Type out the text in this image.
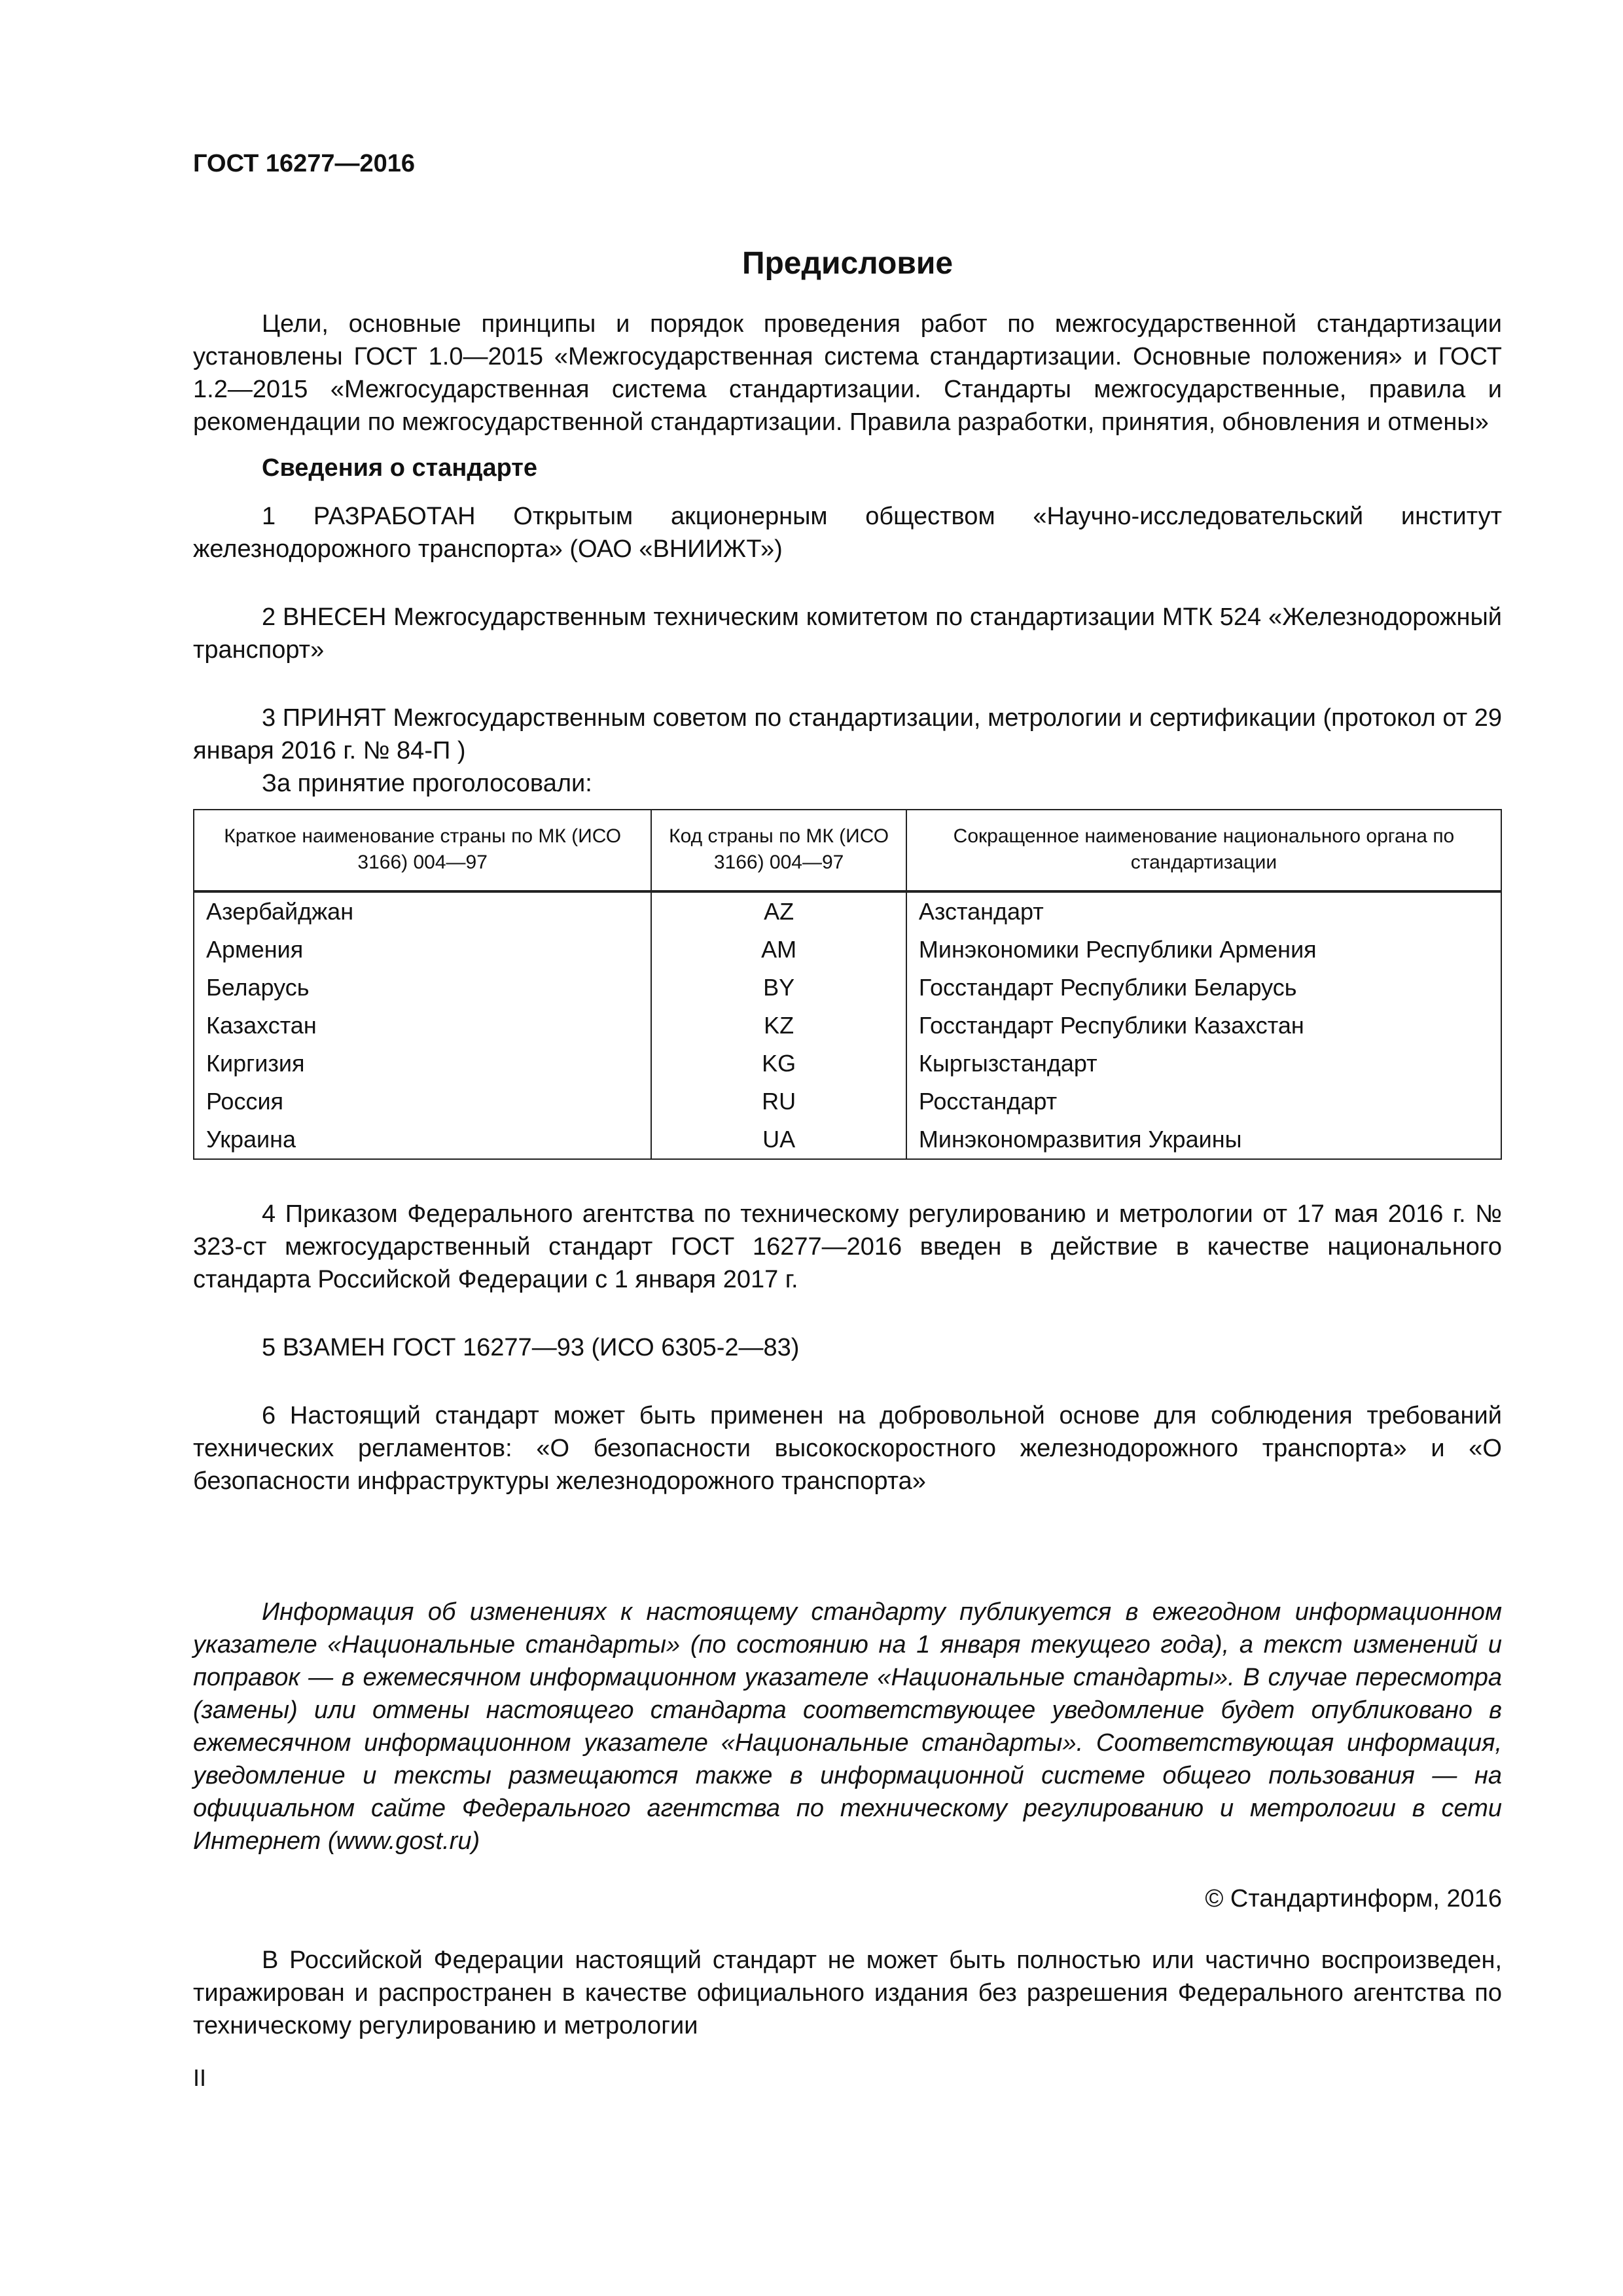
ГОСТ 16277—2016
Предисловие

Цели, основные принципы и порядок проведения работ по межгосударственной стандартизации установлены ГОСТ 1.0—2015 «Межгосударственная система стандартизации. Основные положения» и ГОСТ 1.2—2015 «Межгосударственная система стандартизации. Стандарты межгосударственные, правила и рекомендации по межгосударственной стандартизации. Правила разработки, принятия, обновления и отмены»

Сведения о стандарте

1 РАЗРАБОТАН Открытым акционерным обществом «Научно-исследовательский институт железнодорожного транспорта» (ОАО «ВНИИЖТ»)

2 ВНЕСЕН Межгосударственным техническим комитетом по стандартизации МТК 524 «Железнодорожный транспорт»

3 ПРИНЯТ Межгосударственным советом по стандартизации, метрологии и сертификации (протокол от 29 января 2016 г. № 84-П )

За принятие проголосовали:
Краткое наименование страны по МК (ИСО 3166) 004—97	Код страны по МК (ИСО 3166) 004—97	Сокращенное наименование национального органа по стандартизации
Азербайджан	AZ	Азстандарт
Армения	AM	Минэкономики Республики Армения
Беларусь	BY	Госстандарт Республики Беларусь
Казахстан	KZ	Госстандарт Республики Казахстан
Киргизия	KG	Кыргызстандарт
Россия	RU	Росстандарт
Украина	UA	Минэкономразвития Украины

4 Приказом Федерального агентства по техническому регулированию и метрологии от 17 мая 2016 г. № 323-ст межгосударственный стандарт ГОСТ 16277—2016 введен в действие в качестве национального стандарта Российской Федерации с 1 января 2017 г.

5 ВЗАМЕН ГОСТ 16277—93 (ИСО 6305-2—83)

6 Настоящий стандарт может быть применен на добровольной основе для соблюдения требований технических регламентов: «О безопасности высокоскоростного железнодорожного транспорта» и «О безопасности инфраструктуры железнодорожного транспорта»

Информация об изменениях к настоящему стандарту публикуется в ежегодном информационном указателе «Национальные стандарты» (по состоянию на 1 января текущего года), а текст изменений и поправок — в ежемесячном информационном указателе «Национальные стандарты». В случае пересмотра (замены) или отмены настоящего стандарта соответствующее уведомление будет опубликовано в ежемесячном информационном указателе «Национальные стандарты». Соответствующая информация, уведомление и тексты размещаются также в информационной системе общего пользования — на официальном сайте Федерального агентства по техническому регулированию и метрологии в сети Интернет (www.gost.ru)

© Стандартинформ, 2016

В Российской Федерации настоящий стандарт не может быть полностью или частично воспроизведен, тиражирован и распространен в качестве официального издания без разрешения Федерального агентства по техническому регулированию и метрологии

II
